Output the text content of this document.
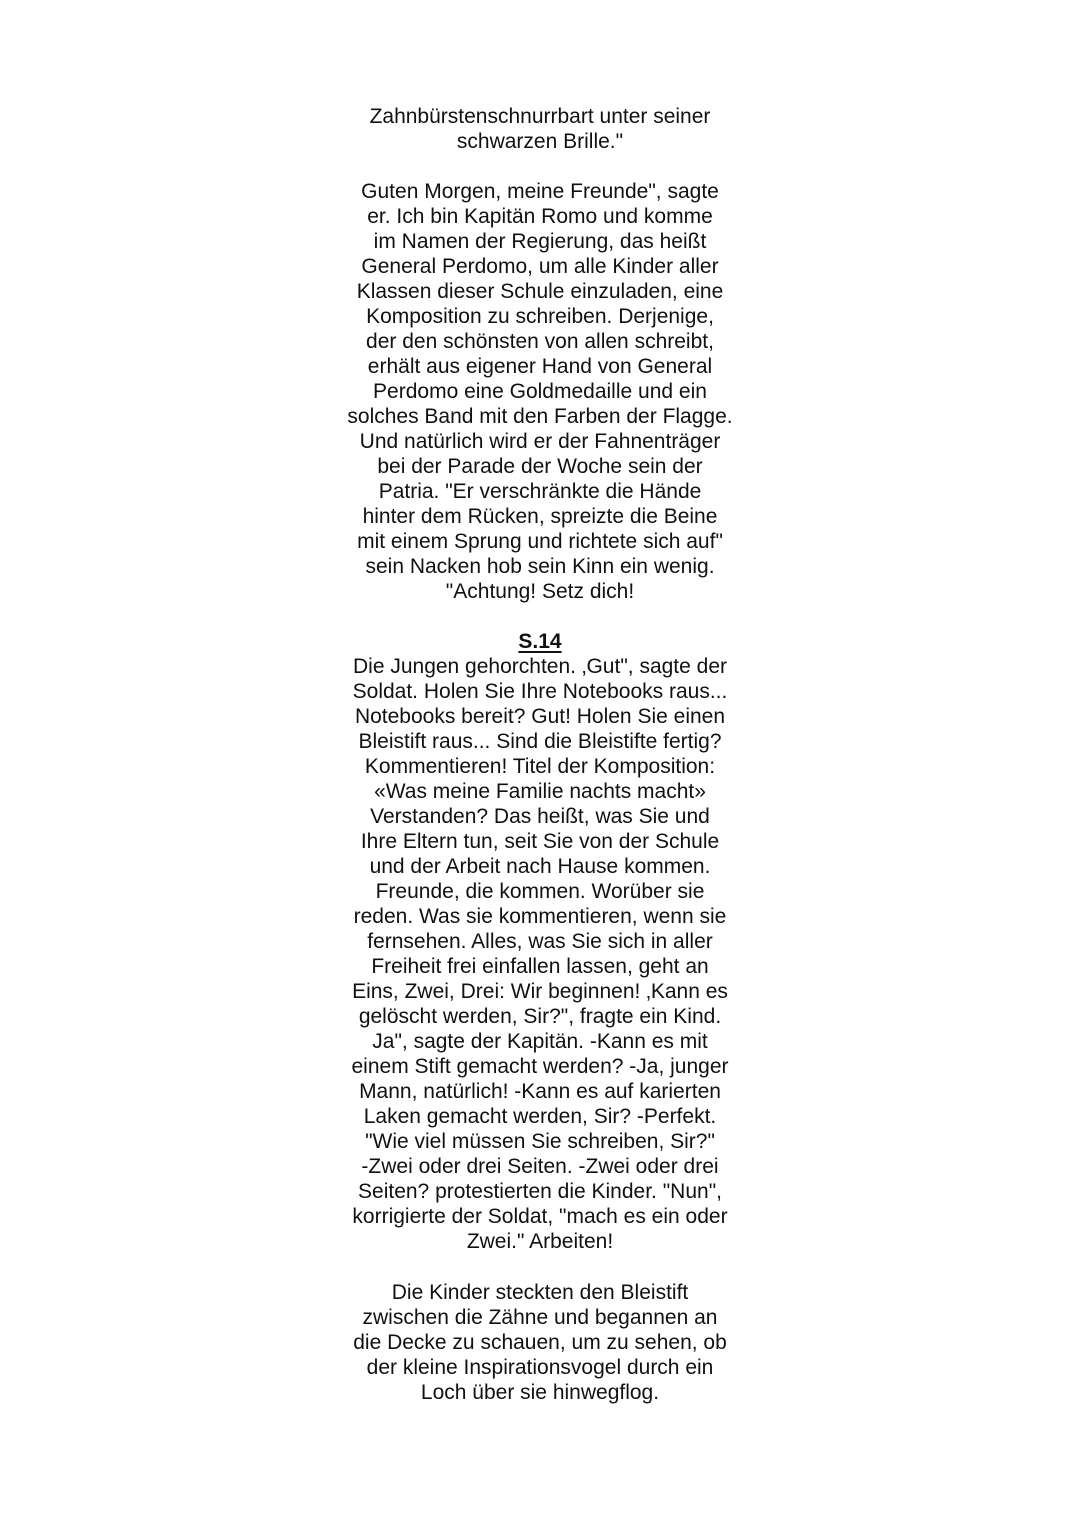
Zahnbürstenschnurrbart unter seiner
schwarzen Brille."
Guten Morgen, meine Freunde", sagte
er. Ich bin Kapitän Romo und komme
im Namen der Regierung, das heißt
General Perdomo, um alle Kinder aller
Klassen dieser Schule einzuladen, eine
Komposition zu schreiben. Derjenige,
der den schönsten von allen schreibt,
erhält aus eigener Hand von General
Perdomo eine Goldmedaille und ein
solches Band mit den Farben der Flagge.
Und natürlich wird er der Fahnenträger
bei der Parade der Woche sein der
Patria. "Er verschränkte die Hände
hinter dem Rücken, spreizte die Beine
mit einem Sprung und richtete sich auf"
sein Nacken hob sein Kinn ein wenig.
"Achtung! Setz dich!
S.14
Die Jungen gehorchten. ‚Gut", sagte der
Soldat. Holen Sie Ihre Notebooks raus...
Notebooks bereit? Gut! Holen Sie einen
Bleistift raus... Sind die Bleistifte fertig?
Kommentieren! Titel der Komposition:
«Was meine Familie nachts macht»
Verstanden? Das heißt, was Sie und
Ihre Eltern tun, seit Sie von der Schule
und der Arbeit nach Hause kommen.
Freunde, die kommen. Worüber sie
reden. Was sie kommentieren, wenn sie
fernsehen. Alles, was Sie sich in aller
Freiheit frei einfallen lassen, geht an
Eins, Zwei, Drei: Wir beginnen! ‚Kann es
gelöscht werden, Sir?", fragte ein Kind.
Ja", sagte der Kapitän. -Kann es mit
einem Stift gemacht werden? -Ja, junger
Mann, natürlich! -Kann es auf karierten
Laken gemacht werden, Sir? -Perfekt.
"Wie viel müssen Sie schreiben, Sir?"
-Zwei oder drei Seiten. -Zwei oder drei
Seiten? protestierten die Kinder. "Nun",
korrigierte der Soldat, "mach es ein oder
Zwei." Arbeiten!
Die Kinder steckten den Bleistift
zwischen die Zähne und begannen an
die Decke zu schauen, um zu sehen, ob
der kleine Inspirationsvogel durch ein
Loch über sie hinwegflog.
